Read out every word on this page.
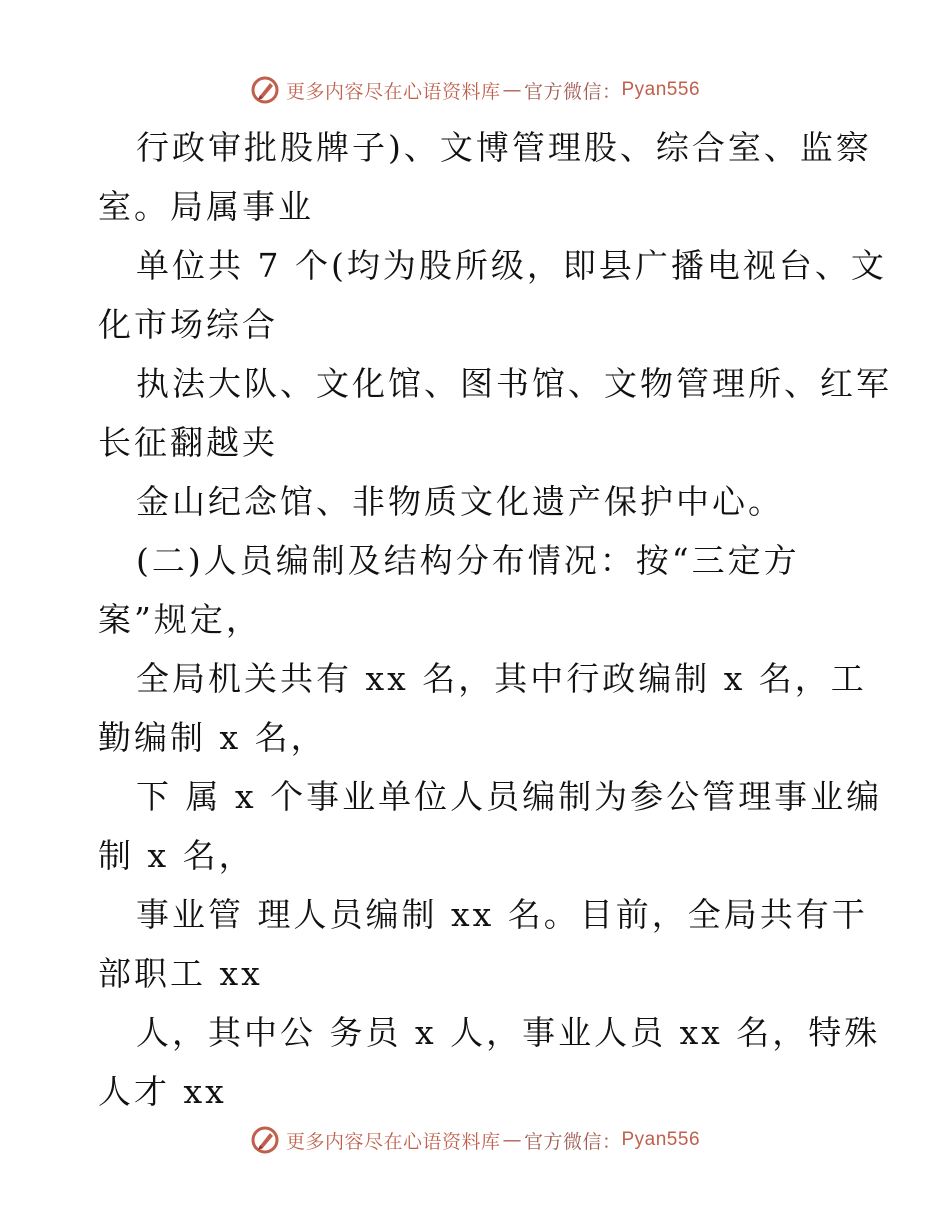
更多内容尽在心语资料库 — 官方微信： Pyan556
行政审批股牌子)、文博管理股、综合室、监察
室。局属事业
单位共 7 个(均为股所级，即县广播电视台、文
化市场综合
执法大队、文化馆、图书馆、文物管理所、红军
长征翻越夹
金山纪念馆、非物质文化遗产保护中心。
(二)人员编制及结构分布情况：按“三定方
案”规定，
全局机关共有 xx 名，其中行政编制 x 名，工
勤编制 x 名，
下 属 x 个事业单位人员编制为参公管理事业编
制 x 名，
事业管 理人员编制 xx 名。目前，全局共有干
部职工 xx
人，其中公 务员 x 人，事业人员 xx 名，特殊
人才 xx
更多内容尽在心语资料库 — 官方微信： Pyan556
